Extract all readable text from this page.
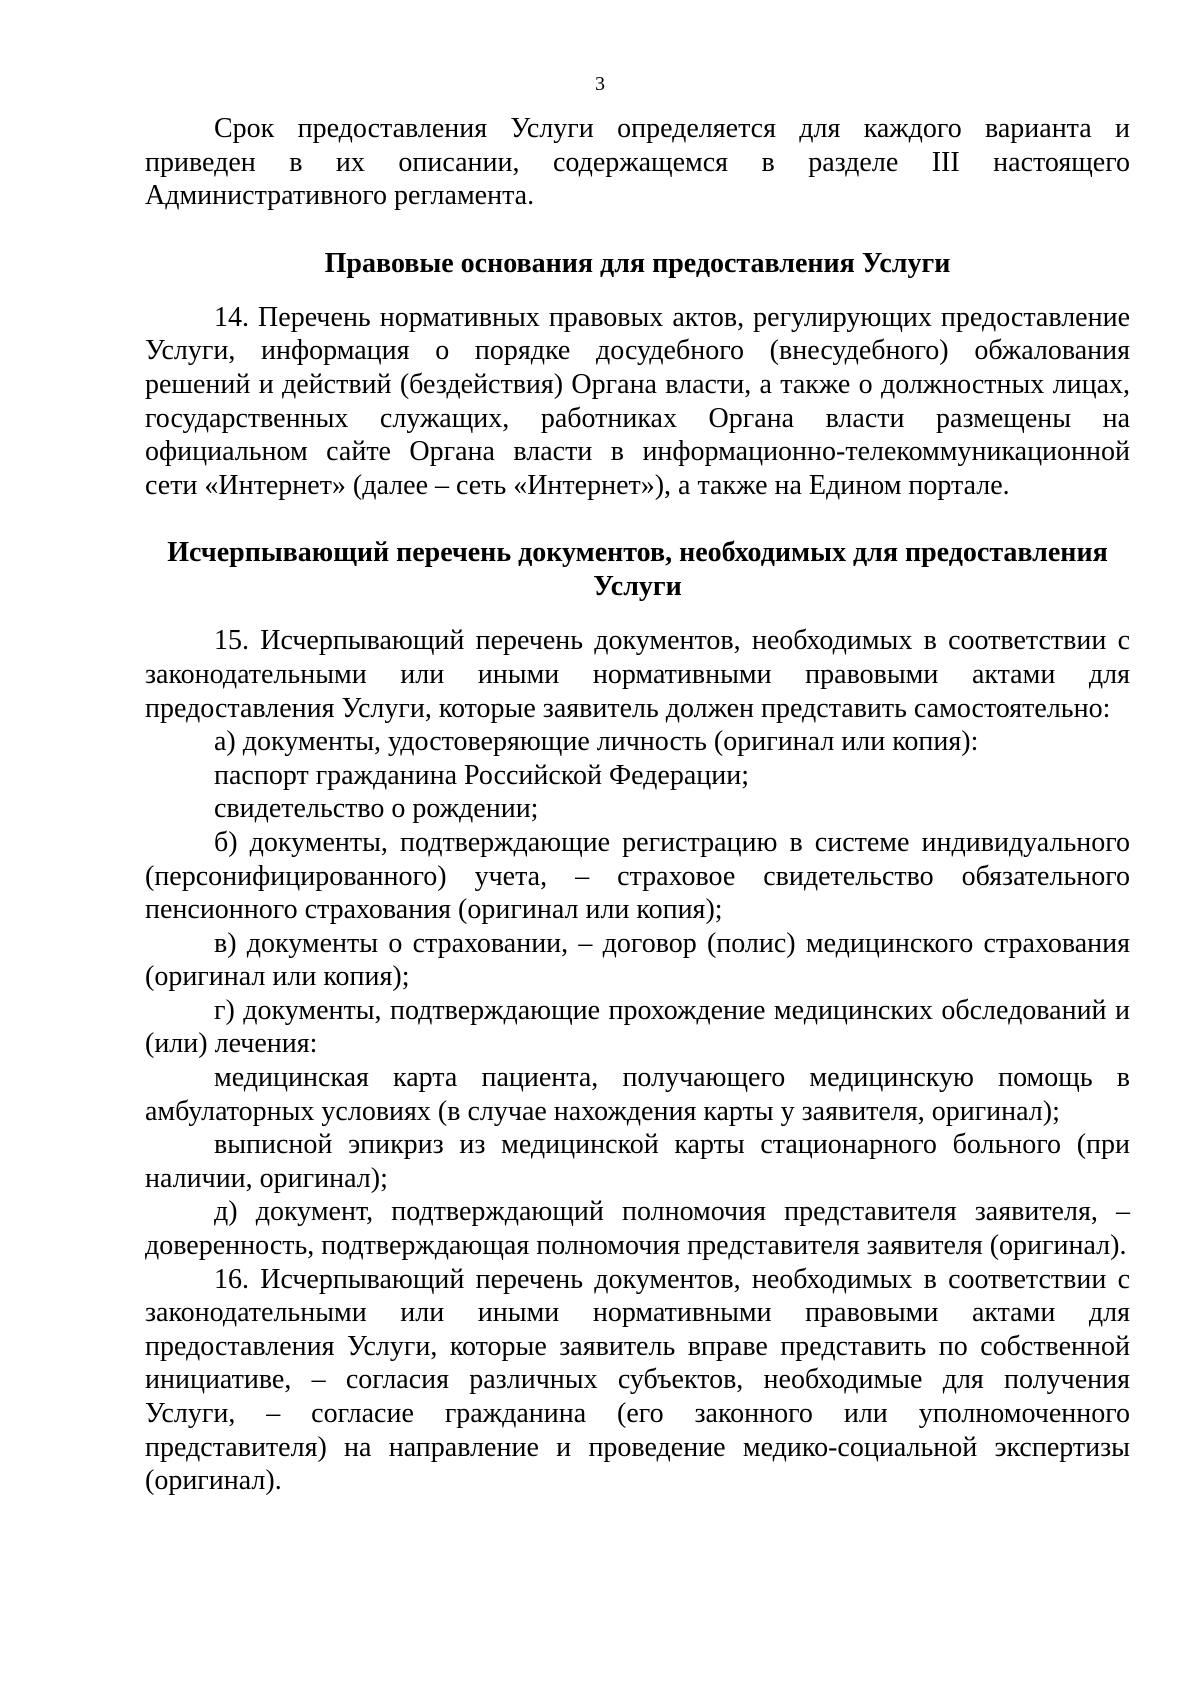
3

Срок предоставления Услуги определяется для каждого варианта и приведен в их описании, содержащемся в разделе III настоящего Административного регламента.

Правовые основания для предоставления Услуги

14. Перечень нормативных правовых актов, регулирующих предоставление Услуги, информация о порядке досудебного (внесудебного) обжалования решений и действий (бездействия) Органа власти, а также о должностных лицах, государственных служащих, работниках Органа власти размещены на официальном сайте Органа власти в информационно-телекоммуникационной сети «Интернет» (далее – сеть «Интернет»), а также на Едином портале.

Исчерпывающий перечень документов, необходимых для предоставления Услуги

15. Исчерпывающий перечень документов, необходимых в соответствии с законодательными или иными нормативными правовыми актами для предоставления Услуги, которые заявитель должен представить самостоятельно:

а) документы, удостоверяющие личность (оригинал или копия):

паспорт гражданина Российской Федерации;

свидетельство о рождении;

б) документы, подтверждающие регистрацию в системе индивидуального (персонифицированного) учета, – страховое свидетельство обязательного пенсионного страхования (оригинал или копия);

в) документы о страховании, – договор (полис) медицинского страхования (оригинал или копия);

г) документы, подтверждающие прохождение медицинских обследований и (или) лечения:

медицинская карта пациента, получающего медицинскую помощь в амбулаторных условиях (в случае нахождения карты у заявителя, оригинал);

выписной эпикриз из медицинской карты стационарного больного (при наличии, оригинал);

д) документ, подтверждающий полномочия представителя заявителя, – доверенность, подтверждающая полномочия представителя заявителя (оригинал).

16. Исчерпывающий перечень документов, необходимых в соответствии с законодательными или иными нормативными правовыми актами для предоставления Услуги, которые заявитель вправе представить по собственной инициативе, – согласия различных субъектов, необходимые для получения Услуги, – согласие гражданина (его законного или уполномоченного представителя) на направление и проведение медико-социальной экспертизы (оригинал).
